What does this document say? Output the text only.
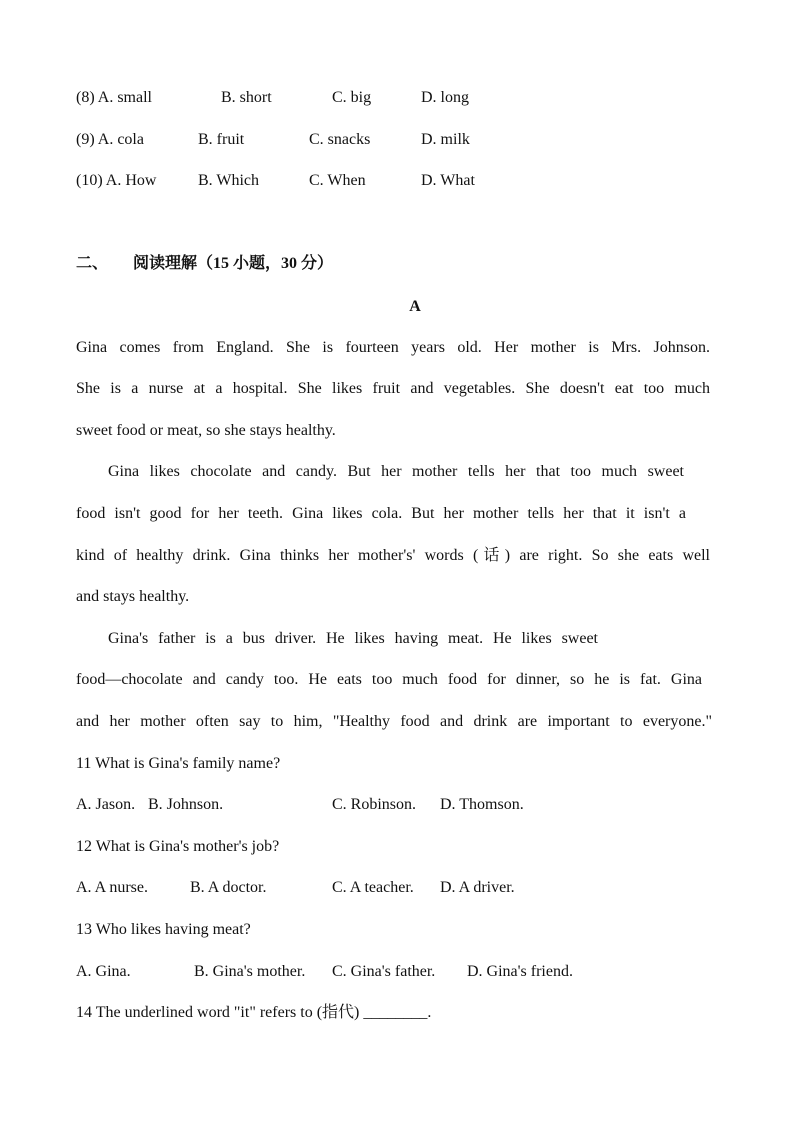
(8) A. small	B. short	C. big	D. long
(9) A. cola	B. fruit	C. snacks	D. milk
(10) A. How	B. Which	C. When	D. What
二、 阅读理解（15 小题，30 分）
A
Gina comes from England. She is fourteen years old. Her mother is Mrs. Johnson.
She is a nurse at a hospital. She likes fruit and vegetables. She doesn't eat too much
sweet food or meat, so she stays healthy.
Gina likes chocolate and candy. But her mother tells her that too much sweet
food isn't good for her teeth. Gina likes cola. But her mother tells her that it isn't a
kind of healthy drink. Gina thinks her mother's' words (话) are right. So she eats well
and stays healthy.
Gina's father is a bus driver. He likes having meat. He likes sweet
food—chocolate and candy too. He eats too much food for dinner, so he is fat. Gina
and her mother often say to him, "Healthy food and drink are important to everyone."
11 What is Gina's family name?
A. Jason. B. Johnson.	C. Robinson. D. Thomson.
12 What is Gina's mother's job?
A. A nurse.	B. A doctor.	C. A teacher. D. A driver.
13 Who likes having meat?
A. Gina.	B. Gina's mother. C. Gina's father. D. Gina's friend.
14 The underlined word "it" refers to (指代) ________.
